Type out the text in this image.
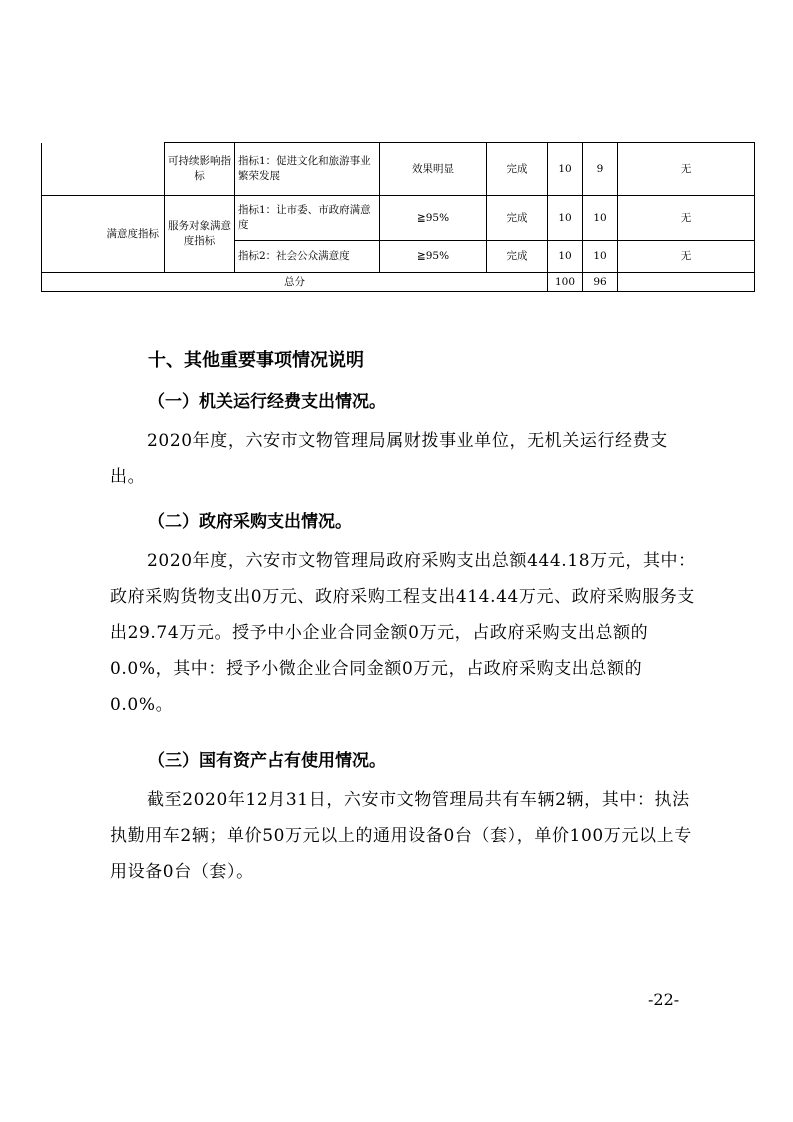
		可持续影响指标	指标1：促进文化和旅游事业繁荣发展	效果明显	完成	10	9	无
	满意度指标	服务对象满意度指标	指标1：让市委、市政府满意度	≧95%	完成	10	10	无
			指标2：社会公众满意度	≧95%	完成	10	10	无
总分						100	96	
十、其他重要事项情况说明
（一）机关运行经费支出情况。
2020年度，六安市文物管理局属财拨事业单位，无机关运行经费支出。
（二）政府采购支出情况。
2020年度，六安市文物管理局政府采购支出总额444.18万元，其中：政府采购货物支出0万元、政府采购工程支出414.44万元、政府采购服务支出29.74万元。授予中小企业合同金额0万元，占政府采购支出总额的0.0%，其中：授予小微企业合同金额0万元，占政府采购支出总额的0.0%。
（三）国有资产占有使用情况。
截至2020年12月31日，六安市文物管理局共有车辆2辆，其中：执法执勤用车2辆；单价50万元以上的通用设备0台（套），单价100万元以上专用设备0台（套）。
-22-
